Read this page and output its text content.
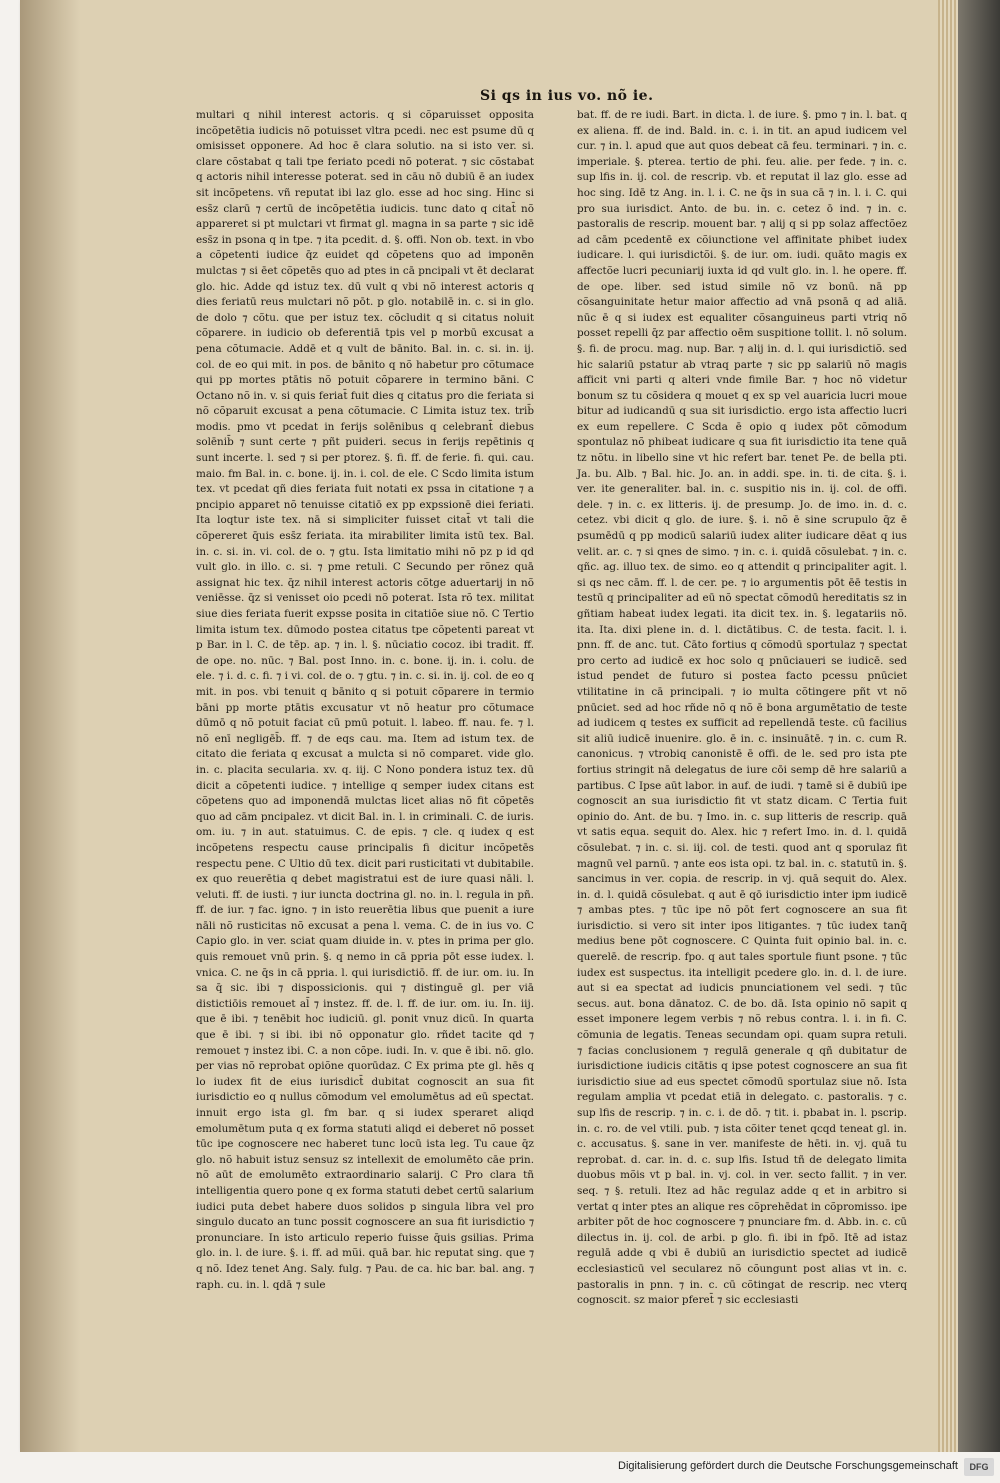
Si qs in ius vo. nõ ie.

multari q nihil interest actoris. q si cõparuisset opposita incõpetētia iudicis nõ potuisset vltra pcedi. nec est psume dū q omisisset opponere. Ad hoc ē clara solutio. na si isto ver. si. clare cõstabat q tali tpe feriato pcedi nõ poterat. ⁊ sic cõstabat q actoris nihil interesse poterat. sed in cāu nō dubiū ē an iudex sit incõpetens. vñ reputat ibi laz glo. esse ad hoc sing. Hinc si ess̄z clarū ⁊ certū de incõpetētia iudicis. tunc dato q citat̄ nõ appareret si pt mulctari vt firmat gl. magna in sa parte ⁊ sic idē ess̄z in psona q in tpe. ⁊ ita pcedit. d. §. offi. Non ob. text. in vbo a cõpetenti iudice q̄z euidet qd cõpetens quo ad imponēn mulctas ⁊ si ēet cõpetēs quo ad ptes in cā pncipali vt ēt declarat glo. hic. Adde qd istuz tex. dū vult q vbi nõ interest actoris q dies feriatū reus mulctari nõ pōt. p glo. notabilē in. c. si in glo. de dolo ⁊ cõtu. que per istuz tex. cõcludit q si citatus noluit cõparere. in iudicio ob deferentiā tpis vel p morbū excusat a pena cõtumacie. Addē et q vult de bānito. Bal. in. c. si. in. ij. col. de eo qui mit. in pos. de bānito q nõ habetur pro cõtumace qui pp mortes ptātis nõ potuit cõparere in termino bāni. C Octano nõ in. v. si quis feriat̄ fuit dies q citatus pro die feriata si nõ cõparuit excusat a pena cõtumacie. C Limita istuz tex. trib̄ modis. pmo vt pcedat in ferijs solēnibus q celebrant̄ diebus solēnib̄ ⁊ sunt certe ⁊ pñt puideri. secus in ferijs repētinis q sunt incerte. l. sed ⁊ si per ptorez. §. fi. ff. de ferie. fi. qui. cau. maio. fm Bal. in. c. bone. ij. in. i. col. de ele. C Scdo limita istum tex. vt pcedat qñ dies feriata fuit notati ex pssa in citatione ⁊ a pncipio apparet nõ tenuisse citatiō ex pp expssionē diei feriati. Ita loqtur iste tex. nā si simpliciter fuisset citat̄ vt tali die cõpereret q̄uis ess̄z feriata. ita mirabiliter limita istū tex. Bal. in. c. si. in. vi. col. de o. ⁊ gtu. Ista limitatio mihi nõ pz p id qd vult glo. in illo. c. si. ⁊ pme retuli. C Secundo per rõnez quā assignat hic tex. q̄z nihil interest actoris cõtge aduertarij in nõ veniēsse. q̄z si venisset oio pcedi nõ poterat. Ista rõ tex. militat siue dies feriata fuerit expsse posita in citatiõe siue nõ. C Tertio limita istum tex. dūmodo postea citatus tpe cõpetenti pareat vt p Bar. in l. C. de tēp. ap. ⁊ in. l. §. nūciatio cocoz. ibi tradit. ff. de ope. no. nūc. ⁊ Bal. post Inno. in. c. bone. ij. in. i. colu. de ele. ⁊ i. d. c. fi. ⁊ i vi. col. de o. ⁊ gtu. ⁊ in. c. si. in. ij. col. de eo q mit. in pos. vbi tenuit q bānito q si potuit cõparere in termio bāni pp morte ptātis excusatur vt nõ heatur pro cõtumace dūmō q nõ potuit faciat cū pmū potuit. l. labeo. ff. nau. fe. ⁊ l. nõ enī negligēb̄. ff. ⁊ de eqs cau. ma. Item ad istum tex. de citato die feriata q excusat a mulcta si nõ comparet. vide glo. in. c. placita secularia. xv. q. iij. C Nono pondera istuz tex. dū dicit a cõpetenti iudice. ⁊ intellige q semper iudex citans est cõpetens quo ad imponendā mulctas licet alias nõ fit cõpetēs quo ad cām pncipalez. vt dicit Bal. in. l. in criminali. C. de iuris. om. iu. ⁊ in aut. statuimus. C. de epis. ⁊ cle. q iudex q est incõpetens respectu cause principalis fi dicitur incõpetēs respectu pene. C Ultio dū tex. dicit pari rusticitati vt dubitabile. ex quo reuerētia q debet magistratui est de iure quasi nāli. l. veluti. ff. de iusti. ⁊ iur iuncta doctrina gl. no. in. l. regula in pñ. ff. de iur. ⁊ fac. igno. ⁊ in isto reuerētia libus que puenit a iure nāli nõ rusticitas nõ excusat a pena l. vema. C. de in ius vo. C Capio glo. in ver. sciat quam diuide in. v. ptes in prima per glo. quis remouet vnū prin. §. q nemo in cā ppria pōt esse iudex. l. vnica. C. ne q̄s in cā ppria. l. qui iurisdictiō. ff. de iur. om. iu. In sa q̄ sic. ibi ⁊ dispossicionis. qui ⁊ distinguē gl. per viā distictiōis remouet al̄ ⁊ instez. ff. de. l. ff. de iur. om. iu. In. iij. que ē ibi. ⁊ tenēbit hoc iudiciū. gl. ponit vnuz dicū. In quarta que ē ibi. ⁊ si ibi. ibi nõ opponatur glo. rñdet tacite qd ⁊ remouet ⁊ instez ibi. C. a non cõpe. iudi. In. v. que ē ibi. nõ. glo. per vias nõ reprobat opiõne quorūdaz. C Ex prima pte gl. hēs q lo iudex fit de eius iurisdict̄ dubitat cognoscit an sua fit iurisdictio eo q nullus cõmodum vel emolumētus ad eū spectat. innuit ergo ista gl. fm bar. q si iudex speraret aliqd emolumētum puta q ex forma statuti aliqd ei deberet nõ posset tūc ipe cognoscere nec haberet tunc locū ista leg. Tu caue q̄z glo. nõ habuit istuz sensuz sz intellexit de emolumēto cāe prin. nõ aūt de emolumēto extraordinario salarij. C Pro clara tñ intelligentia quero pone q ex forma statuti debet certū salarium iudici puta debet habere duos solidos p singula libra vel pro singulo ducato an tunc possit cognoscere an sua fit iurisdictio ⁊ pronunciare. In isto articulo reperio fuisse q̄uis gsilias. Prima glo. in. l. de iure. §. i. ff. ad mũi. quā bar. hic reputat sing. que ⁊ q nõ. Idez tenet Ang. Saly. fulg. ⁊ Pau. de ca. hic bar. bal. ang. ⁊ raph. cu. in. l. qdā ⁊ sule

bat. ff. de re iudi. Bart. in dicta. l. de iure. §. pmo ⁊ in. l. bat. q ex aliena. ff. de ind. Bald. in. c. i. in tit. an apud iudicem vel cur. ⁊ in. l. apud que aut quos debeat cā feu. terminari. ⁊ in. c. imperiale. §. pterea. tertio de phi. feu. alie. per fede. ⁊ in. c. sup lfis in. ij. col. de rescrip. vb. et reputat il laz glo. esse ad hoc sing. Idē tz Ang. in. l. i. C. ne q̄s in sua cā ⁊ in. l. i. C. qui pro sua iurisdict. Anto. de bu. in. c. cetez ō ind. ⁊ in. c. pastoralis de rescrip. mouent bar. ⁊ alij q si pp solaz affectõez ad cām pcedentē ex cõiunctione vel affinitate phibet iudex iudicare. l. qui iurisdictõi. §. de iur. om. iudi. quāto magis ex affectõe lucri pecuniarij iuxta id qd vult glo. in. l. he opere. ff. de ope. liber. sed istud simile nõ vz bonū. nā pp cõsanguinitate hetur maior affectio ad vnā psonā q ad aliā. nūc ē q si iudex est equaliter cõsanguineus parti vtriq nõ posset repelli q̄z par affectio oēm suspitione tollit. l. nõ solum. §. fi. de procu. mag. nup. Bar. ⁊ alij in. d. l. qui iurisdictiõ. sed hic salariū pstatur ab vtraq parte ⁊ sic pp salariū nõ magis afficit vni parti q alteri vnde fimile Bar. ⁊ hoc nõ videtur bonum sz tu cõsidera q mouet q ex sp vel auaricia lucri moue bitur ad iudicandū q sua sit iurisdictio. ergo ista affectio lucri ex eum repellere. C Scda ē opio q iudex pōt cõmodum spontulaz nõ phibeat iudicare q sua fit iurisdictio ita tene quā tz nõtu. in libello sine vt hic refert bar. tenet Pe. de bella pti. Ja. bu. Alb. ⁊ Bal. hic. Jo. an. in addi. spe. in. ti. de cita. §. i. ver. ite generaliter. bal. in. c. suspitio nis in. ij. col. de offi. dele. ⁊ in. c. ex litteris. ij. de presump. Jo. de imo. in. d. c. cetez. vbi dicit q glo. de iure. §. i. nõ ē sine scrupulo q̄z ē psumēdū q pp modicū salariū iudex aliter iudicare dēat q ius velit. ar. c. ⁊ si qnes de simo. ⁊ in. c. i. quidā cõsulebat. ⁊ in. c. qñc. ag. illuo tex. de simo. eo q attendit q principaliter agit. l. si qs nec cām. ff. l. de cer. pe. ⁊ io argumentis pōt ēē testis in testū q principaliter ad eū nõ spectat cõmodū hereditatis sz in gñtiam habeat iudex legati. ita dicit tex. in. §. legatariis nõ. ita. Ita. dixi plene in. d. l. dictātibus. C. de testa. facit. l. i. pnn. ff. de anc. tut. Cāto fortius q cõmodū sportulaz ⁊ spectat pro certo ad iudicē ex hoc solo q pnūciaueri se iudicē. sed istud pendet de futuro si postea facto pcessu pnūciet vtilitatine in cā principali. ⁊ io multa cõtingere pñt vt nõ pnūciet. sed ad hoc rñde nõ q nõ ē bona argumētatio de teste ad iudicem q testes ex sufficit ad repellendā teste. cū facilius sit aliū iudicē inuenire. glo. ē in. c. insinuātē. ⁊ in. c. cum R. canonicus. ⁊ vtrobiq canonistē ē offi. de le. sed pro ista pte fortius stringit nā delegatus de iure cōi semp dē hre salariū a partibus. C Ipse aūt labor. in auf. de iudi. ⁊ tamē si ē dubiū ipe cognoscit an sua iurisdictio fit vt statz dicam. C Tertia fuit opinio do. Ant. de bu. ⁊ Imo. in. c. sup litteris de rescrip. quā vt satis equa. sequit do. Alex. hic ⁊ refert Imo. in. d. l. quidā cõsulebat. ⁊ in. c. si. iij. col. de testi. quod ant q sporulaz fit magnū vel parnū. ⁊ ante eos ista opi. tz bal. in. c. statutū in. §. sancimus in ver. copia. de rescrip. in vj. quā sequit do. Alex. in. d. l. quidā cõsulebat. q aut ē qō iurisdictio inter ipm iudicē ⁊ ambas ptes. ⁊ tūc ipe nõ pōt fert cognoscere an sua fit iurisdictio. si vero sit inter ipos litigantes. ⁊ tūc iudex tanq̄ medius bene pōt cognoscere. C Quinta fuit opinio bal. in. c. querelē. de rescrip. fpo. q aut tales sportule fiunt psone. ⁊ tūc iudex est suspectus. ita intelligit pcedere glo. in. d. l. de iure. aut si ea spectat ad iudicis pnunciationem vel sedi. ⁊ tūc secus. aut. bona dānatoz. C. de bo. dā. Ista opinio nõ sapit q esset imponere legem verbis ⁊ nõ rebus contra. l. i. in fi. C. cõmunia de legatis. Teneas secundam opi. quam supra retuli. ⁊ facias conclusionem ⁊ regulā generale q qñ dubitatur de iurisdictione iudicis citātis q ipse potest cognoscere an sua fit iurisdictio siue ad eus spectet cõmodū sportulaz siue nō. Ista regulam amplia vt pcedat etiā in delegato. c. pastoralis. ⁊ c. sup lfis de rescrip. ⁊ in. c. i. de dō. ⁊ tit. i. pbabat in. l. pscrip. in. c. ro. de vel vtili. pub. ⁊ ista cõiter tenet qcqd teneat gl. in. c. accusatus. §. sane in ver. manifeste de hēti. in. vj. quā tu reprobat. d. car. in. d. c. sup lfis. Istud tñ de delegato limita duobus mõis vt p bal. in. vj. col. in ver. secto fallit. ⁊ in ver. seq. ⁊ §. retuli. Itez ad hāc regulaz adde q et in arbitro si vertat q inter ptes an alique res cõprehēdat in cõpromisso. ipe arbiter pōt de hoc cognoscere ⁊ pnunciare fm. d. Abb. in. c. cū dilectus in. ij. col. de arbi. p glo. fi. ibi in fpō. Itē ad istaz regulā adde q vbi ē dubiū an iurisdictio spectet ad iudicē ecclesiasticū vel secularez nõ cõungunt post alias vt in. c. pastoralis in pnn. ⁊ in. c. cū cõtingat de rescrip. nec vterq cognoscit. sz maior pferet̄ ⁊ sic ecclesiasti

Digitalisierung gefördert durch die Deutsche Forschungsgemeinschaft	DFG
